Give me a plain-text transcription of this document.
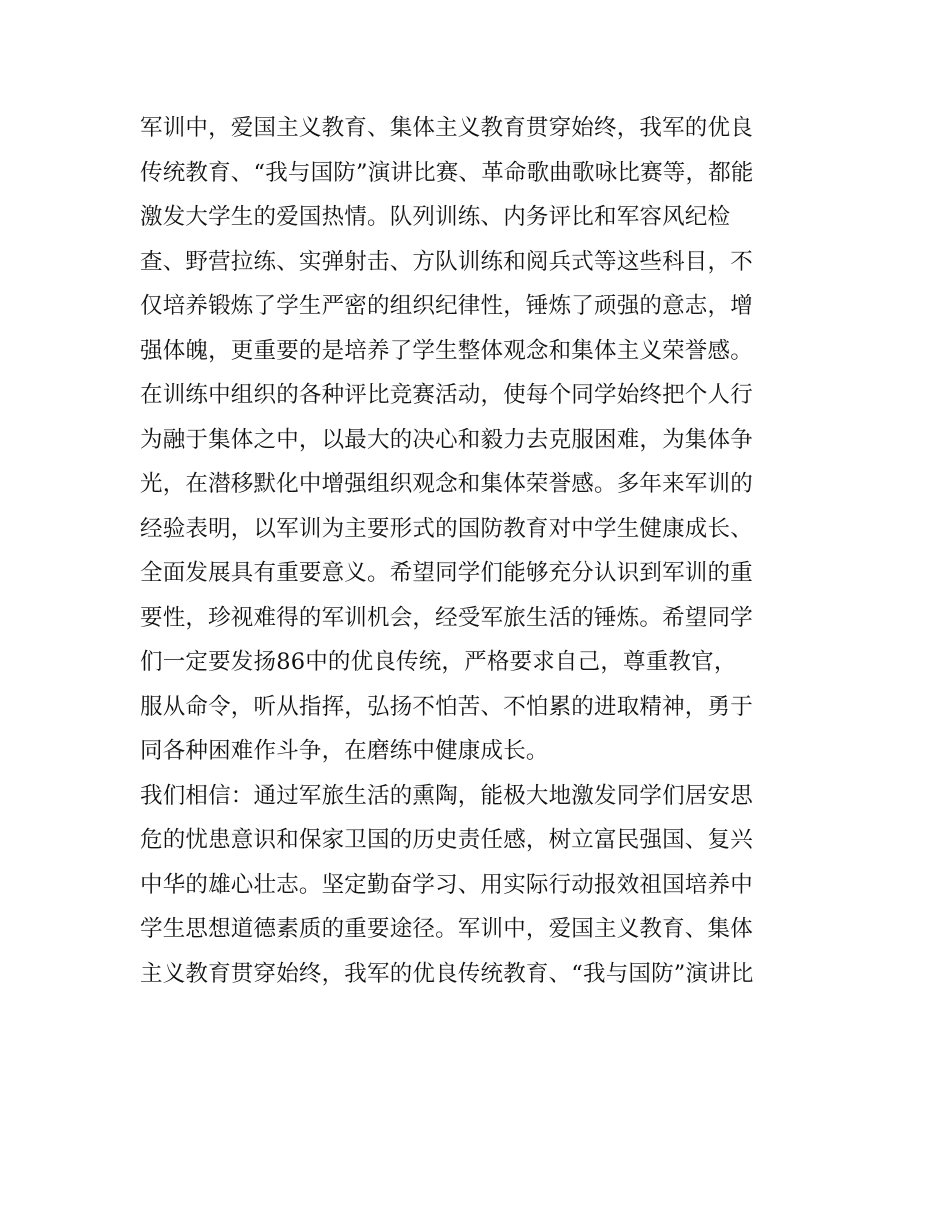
军训中，爱国主义教育、集体主义教育贯穿始终，我军的优良
传统教育、“我与国防”演讲比赛、革命歌曲歌咏比赛等，都能
激发大学生的爱国热情。队列训练、内务评比和军容风纪检
查、野营拉练、实弹射击、方队训练和阅兵式等这些科目，不
仅培养锻炼了学生严密的组织纪律性，锤炼了顽强的意志，增
强体魄，更重要的是培养了学生整体观念和集体主义荣誉感。
在训练中组织的各种评比竞赛活动，使每个同学始终把个人行
为融于集体之中，以最大的决心和毅力去克服困难，为集体争
光，在潜移默化中增强组织观念和集体荣誉感。多年来军训的
经验表明，以军训为主要形式的国防教育对中学生健康成长、
全面发展具有重要意义。希望同学们能够充分认识到军训的重
要性，珍视难得的军训机会，经受军旅生活的锤炼。希望同学
们一定要发扬86中的优良传统，严格要求自己，尊重教官，
服从命令，听从指挥，弘扬不怕苦、不怕累的进取精神，勇于
同各种困难作斗争，在磨练中健康成长。
我们相信：通过军旅生活的熏陶，能极大地激发同学们居安思
危的忧患意识和保家卫国的历史责任感，树立富民强国、复兴
中华的雄心壮志。坚定勤奋学习、用实际行动报效祖国培养中
学生思想道德素质的重要途径。军训中，爱国主义教育、集体
主义教育贯穿始终，我军的优良传统教育、“我与国防”演讲比
